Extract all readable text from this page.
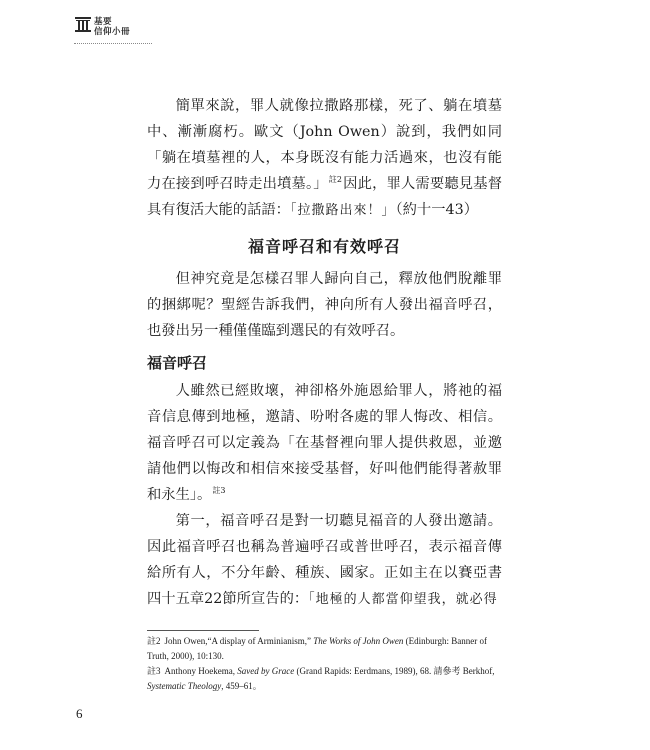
基要
信仰小冊

簡單來說，罪人就像拉撒路那樣，死了、躺在墳墓中、漸漸腐朽。歐文（John Owen）說到，我們如同「躺在墳墓裡的人，本身既沒有能力活過來，也沒有能力在接到呼召時走出墳墓。」$^{註2}$因此，罪人需要聽見基督具有復活大能的話語：「拉撒路出來！」（約十一43）

福音呼召和有效呼召

但神究竟是怎樣召罪人歸向自己，釋放他們脫離罪的捆綁呢？聖經告訴我們，神向所有人發出福音呼召，也發出另一種僅僅臨到選民的有效呼召。

福音呼召

人雖然已經敗壞，神卻格外施恩給罪人，將祂的福音信息傳到地極，邀請、吩咐各處的罪人悔改、相信。福音呼召可以定義為「在基督裡向罪人提供救恩，並邀請他們以悔改和相信來接受基督，好叫他們能得著赦罪和永生」。$^{註3}$

第一，福音呼召是對一切聽見福音的人發出邀請。因此福音呼召也稱為普遍呼召或普世呼召，表示福音傳給所有人，不分年齡、種族、國家。正如主在以賽亞書四十五章22節所宣告的：「地極的人都當仰望我，就必得

註2 John Owen,“A display of Arminianism,” The Works of John Owen (Edinburgh: Banner of Truth, 2000), 10:130.

註3 Anthony Hoekema, Saved by Grace (Grand Rapids: Eerdmans, 1989), 68. 請參考 Berkhof, Systematic Theology, 459–61。

6
